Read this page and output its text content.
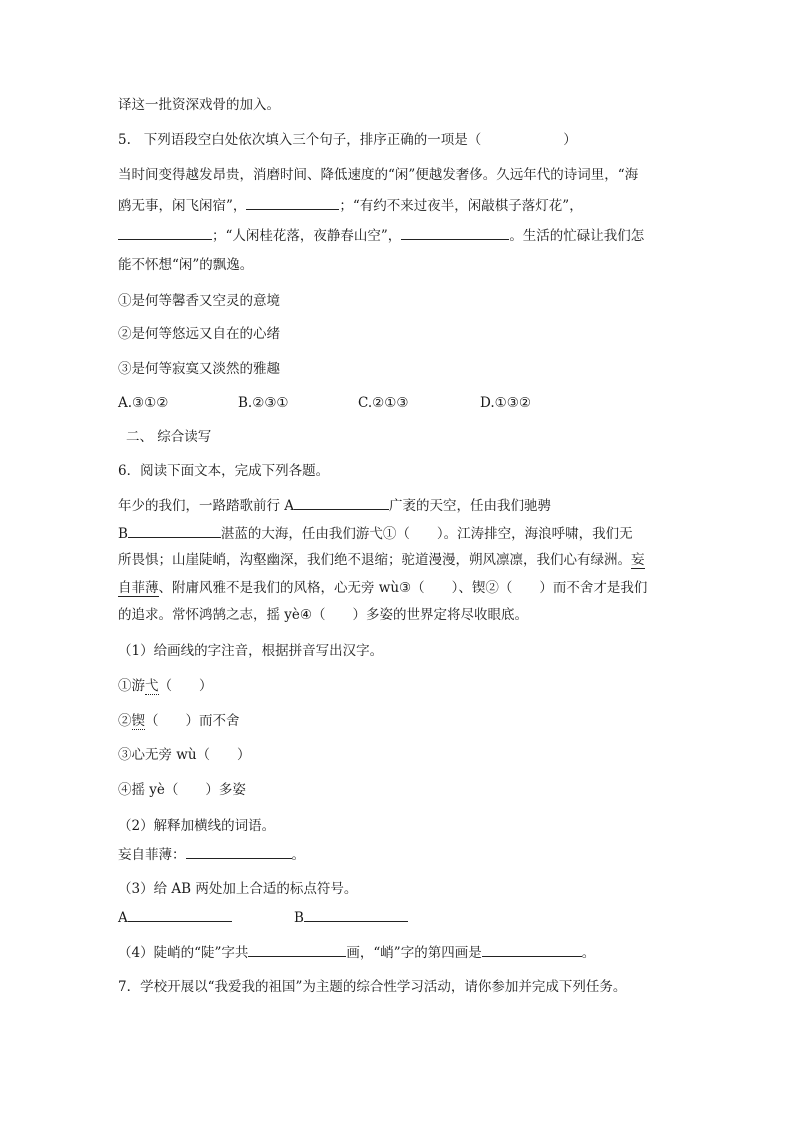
译这一批资深戏骨的加入。
5. 下列语段空白处依次填入三个句子，排序正确的一项是（	）
当时间变得越发昂贵，消磨时间、降低速度的“闲”便越发奢侈。久远年代的诗词里，“海
鸥无事，闲飞闲宿”，	；“有约不来过夜半，闲敲棋子落灯花”，
；“人闲桂花落，夜静春山空”，	。生活的忙碌让我们怎
能不怀想“闲”的飘逸。
①是何等馨香又空灵的意境
②是何等悠远又自在的心绪
③是何等寂寞又淡然的雅趣
A.③①②	B.②③①	C.②①③	D.①③②
二、 综合读写
6．阅读下面文本，完成下列各题。
年少的我们，一路踏歌前行 A	广袤的天空，任由我们驰骋
B	湛蓝的大海，任由我们游弋①（　　）。江涛排空，海浪呼啸，我们无
所畏惧；山崖陡峭，沟壑幽深，我们绝不退缩；驼道漫漫，朔风凛凛，我们心有绿洲。妄
自菲薄、附庸风雅不是我们的风格，心无旁 wù③（　　）、锲②（　　）而不舍才是我们
的追求。常怀鸿鹄之志，摇 yè④（　　）多姿的世界定将尽收眼底。
（1）给画线的字注音，根据拼音写出汉字。
①游弋（　　）
②锲（　　）而不舍
③心无旁 wù（　　）
④摇 yè（　　）多姿
（2）解释加横线的词语。
妄自菲薄：	。
（3）给 AB 两处加上合适的标点符号。
A	B
（4）陡峭的“陡”字共	画，“峭”字的第四画是	。
7．学校开展以“我爱我的祖国”为主题的综合性学习活动，请你参加并完成下列任务。
